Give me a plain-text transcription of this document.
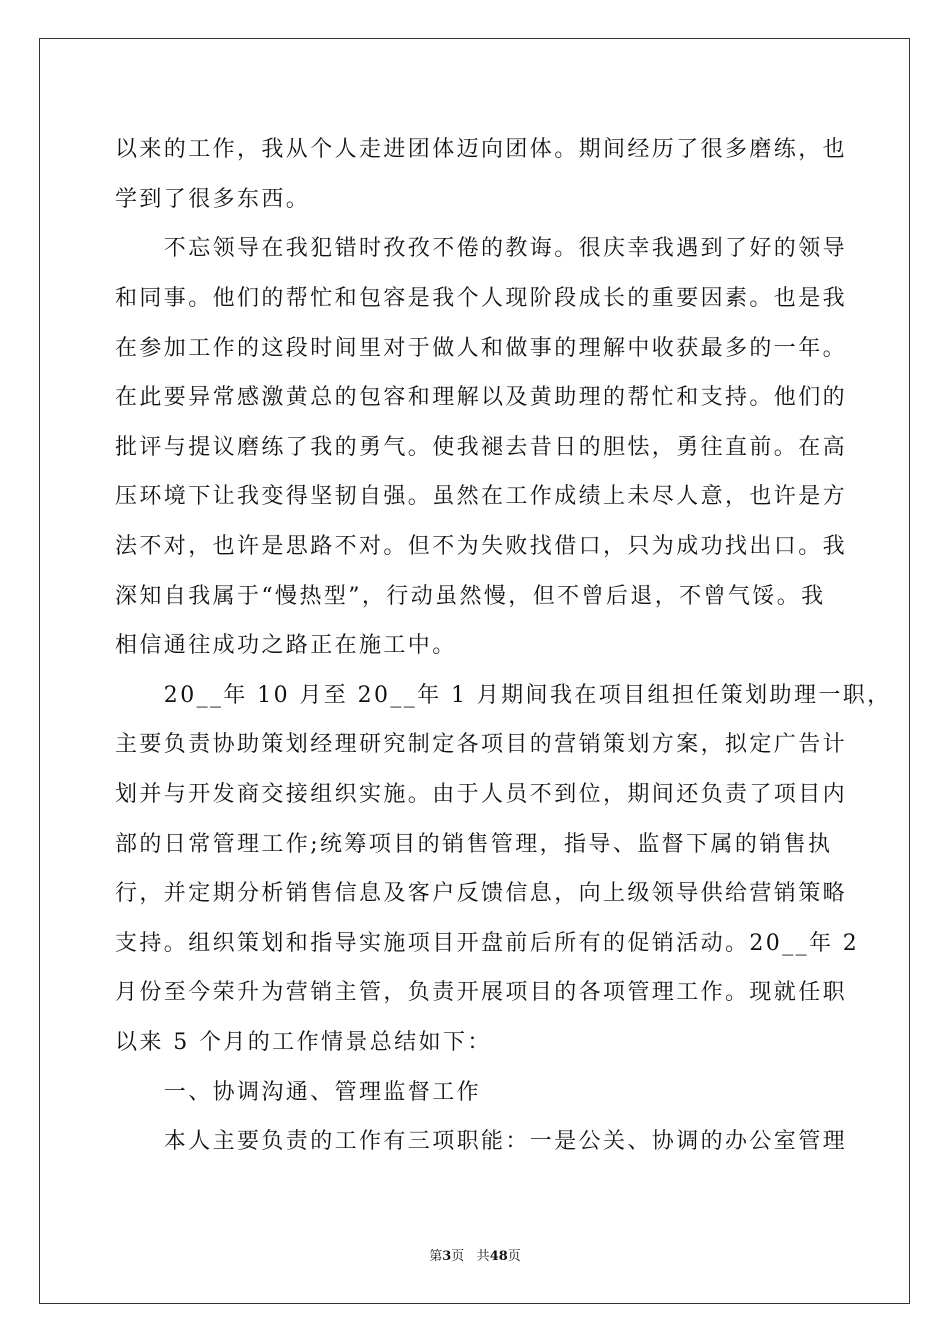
以来的工作，我从个人走进团体迈向团体。期间经历了很多磨练，也

学到了很多东西。

　　不忘领导在我犯错时孜孜不倦的教诲。很庆幸我遇到了好的领导

和同事。他们的帮忙和包容是我个人现阶段成长的重要因素。也是我

在参加工作的这段时间里对于做人和做事的理解中收获最多的一年。

在此要异常感激黄总的包容和理解以及黄助理的帮忙和支持。他们的

批评与提议磨练了我的勇气。使我褪去昔日的胆怯，勇往直前。在高

压环境下让我变得坚韧自强。虽然在工作成绩上未尽人意，也许是方

法不对，也许是思路不对。但不为失败找借口，只为成功找出口。我

深知自我属于“慢热型”，行动虽然慢，但不曾后退，不曾气馁。我

相信通往成功之路正在施工中。

　　20__年 10 月至 20__年 1 月期间我在项目组担任策划助理一职，

主要负责协助策划经理研究制定各项目的营销策划方案，拟定广告计

划并与开发商交接组织实施。由于人员不到位，期间还负责了项目内

部的日常管理工作;统筹项目的销售管理，指导、监督下属的销售执

行，并定期分析销售信息及客户反馈信息，向上级领导供给营销策略

支持。组织策划和指导实施项目开盘前后所有的促销活动。20__年 2

月份至今荣升为营销主管，负责开展项目的各项管理工作。现就任职

以来 5 个月的工作情景总结如下：

　　一、协调沟通、管理监督工作

　　本人主要负责的工作有三项职能：一是公关、协调的办公室管理

第3页 共48页
